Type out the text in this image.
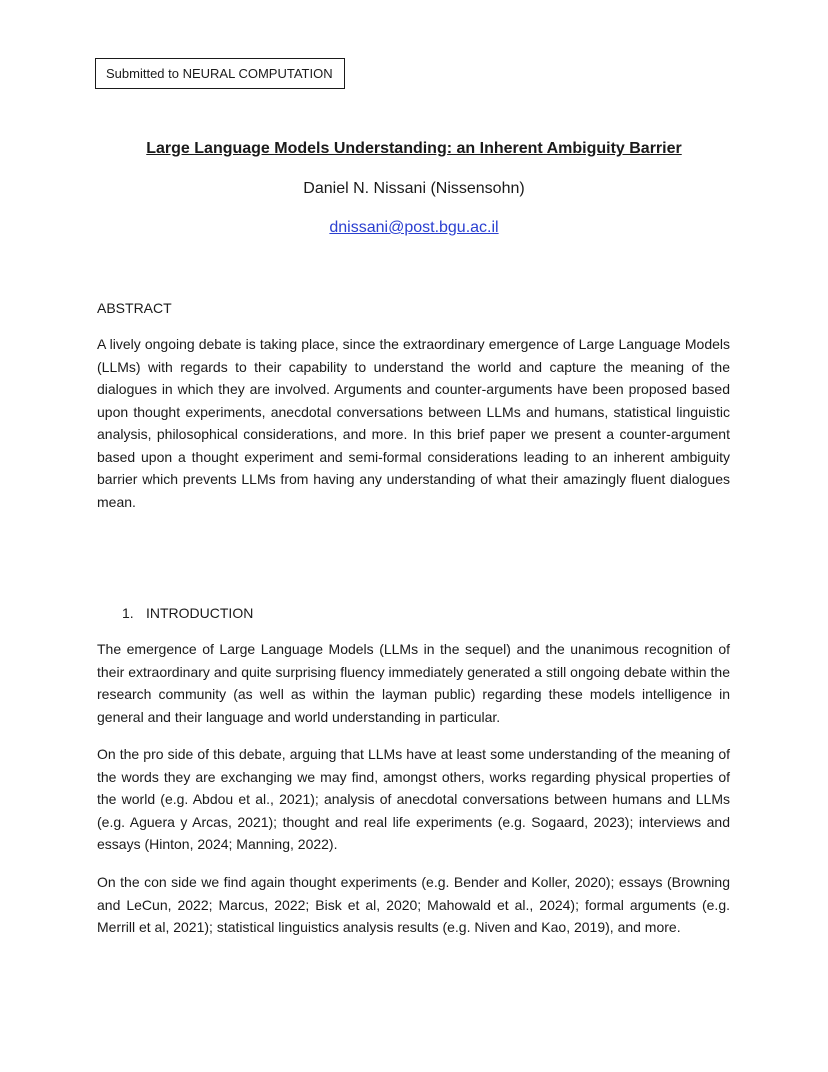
Submitted to NEURAL COMPUTATION
Large Language Models Understanding: an Inherent Ambiguity Barrier
Daniel N. Nissani (Nissensohn)
dnissani@post.bgu.ac.il
ABSTRACT

A lively ongoing debate is taking place, since the extraordinary emergence of Large Language Models (LLMs) with regards to their capability to understand the world and capture the meaning of the dialogues in which they are involved. Arguments and counter-arguments have been proposed based upon thought experiments, anecdotal conversations between LLMs and humans, statistical linguistic analysis, philosophical considerations, and more. In this brief paper we present a counter-argument based upon a thought experiment and semi-formal considerations leading to an inherent ambiguity barrier which prevents LLMs from having any understanding of what their amazingly fluent dialogues mean.

1. INTRODUCTION

The emergence of Large Language Models (LLMs in the sequel) and the unanimous recognition of their extraordinary and quite surprising fluency immediately generated a still ongoing debate within the research community (as well as within the layman public) regarding these models intelligence in general and their language and world understanding in particular.

On the pro side of this debate, arguing that LLMs have at least some understanding of the meaning of the words they are exchanging we may find, amongst others, works regarding physical properties of the world (e.g. Abdou et al., 2021); analysis of anecdotal conversations between humans and LLMs (e.g. Aguera y Arcas, 2021); thought and real life experiments (e.g. Sogaard, 2023); interviews and essays (Hinton, 2024; Manning, 2022).

On the con side we find again thought experiments (e.g. Bender and Koller, 2020); essays (Browning and LeCun, 2022; Marcus, 2022; Bisk et al, 2020; Mahowald et al., 2024); formal arguments (e.g. Merrill et al, 2021); statistical linguistics analysis results (e.g. Niven and Kao, 2019), and more.
